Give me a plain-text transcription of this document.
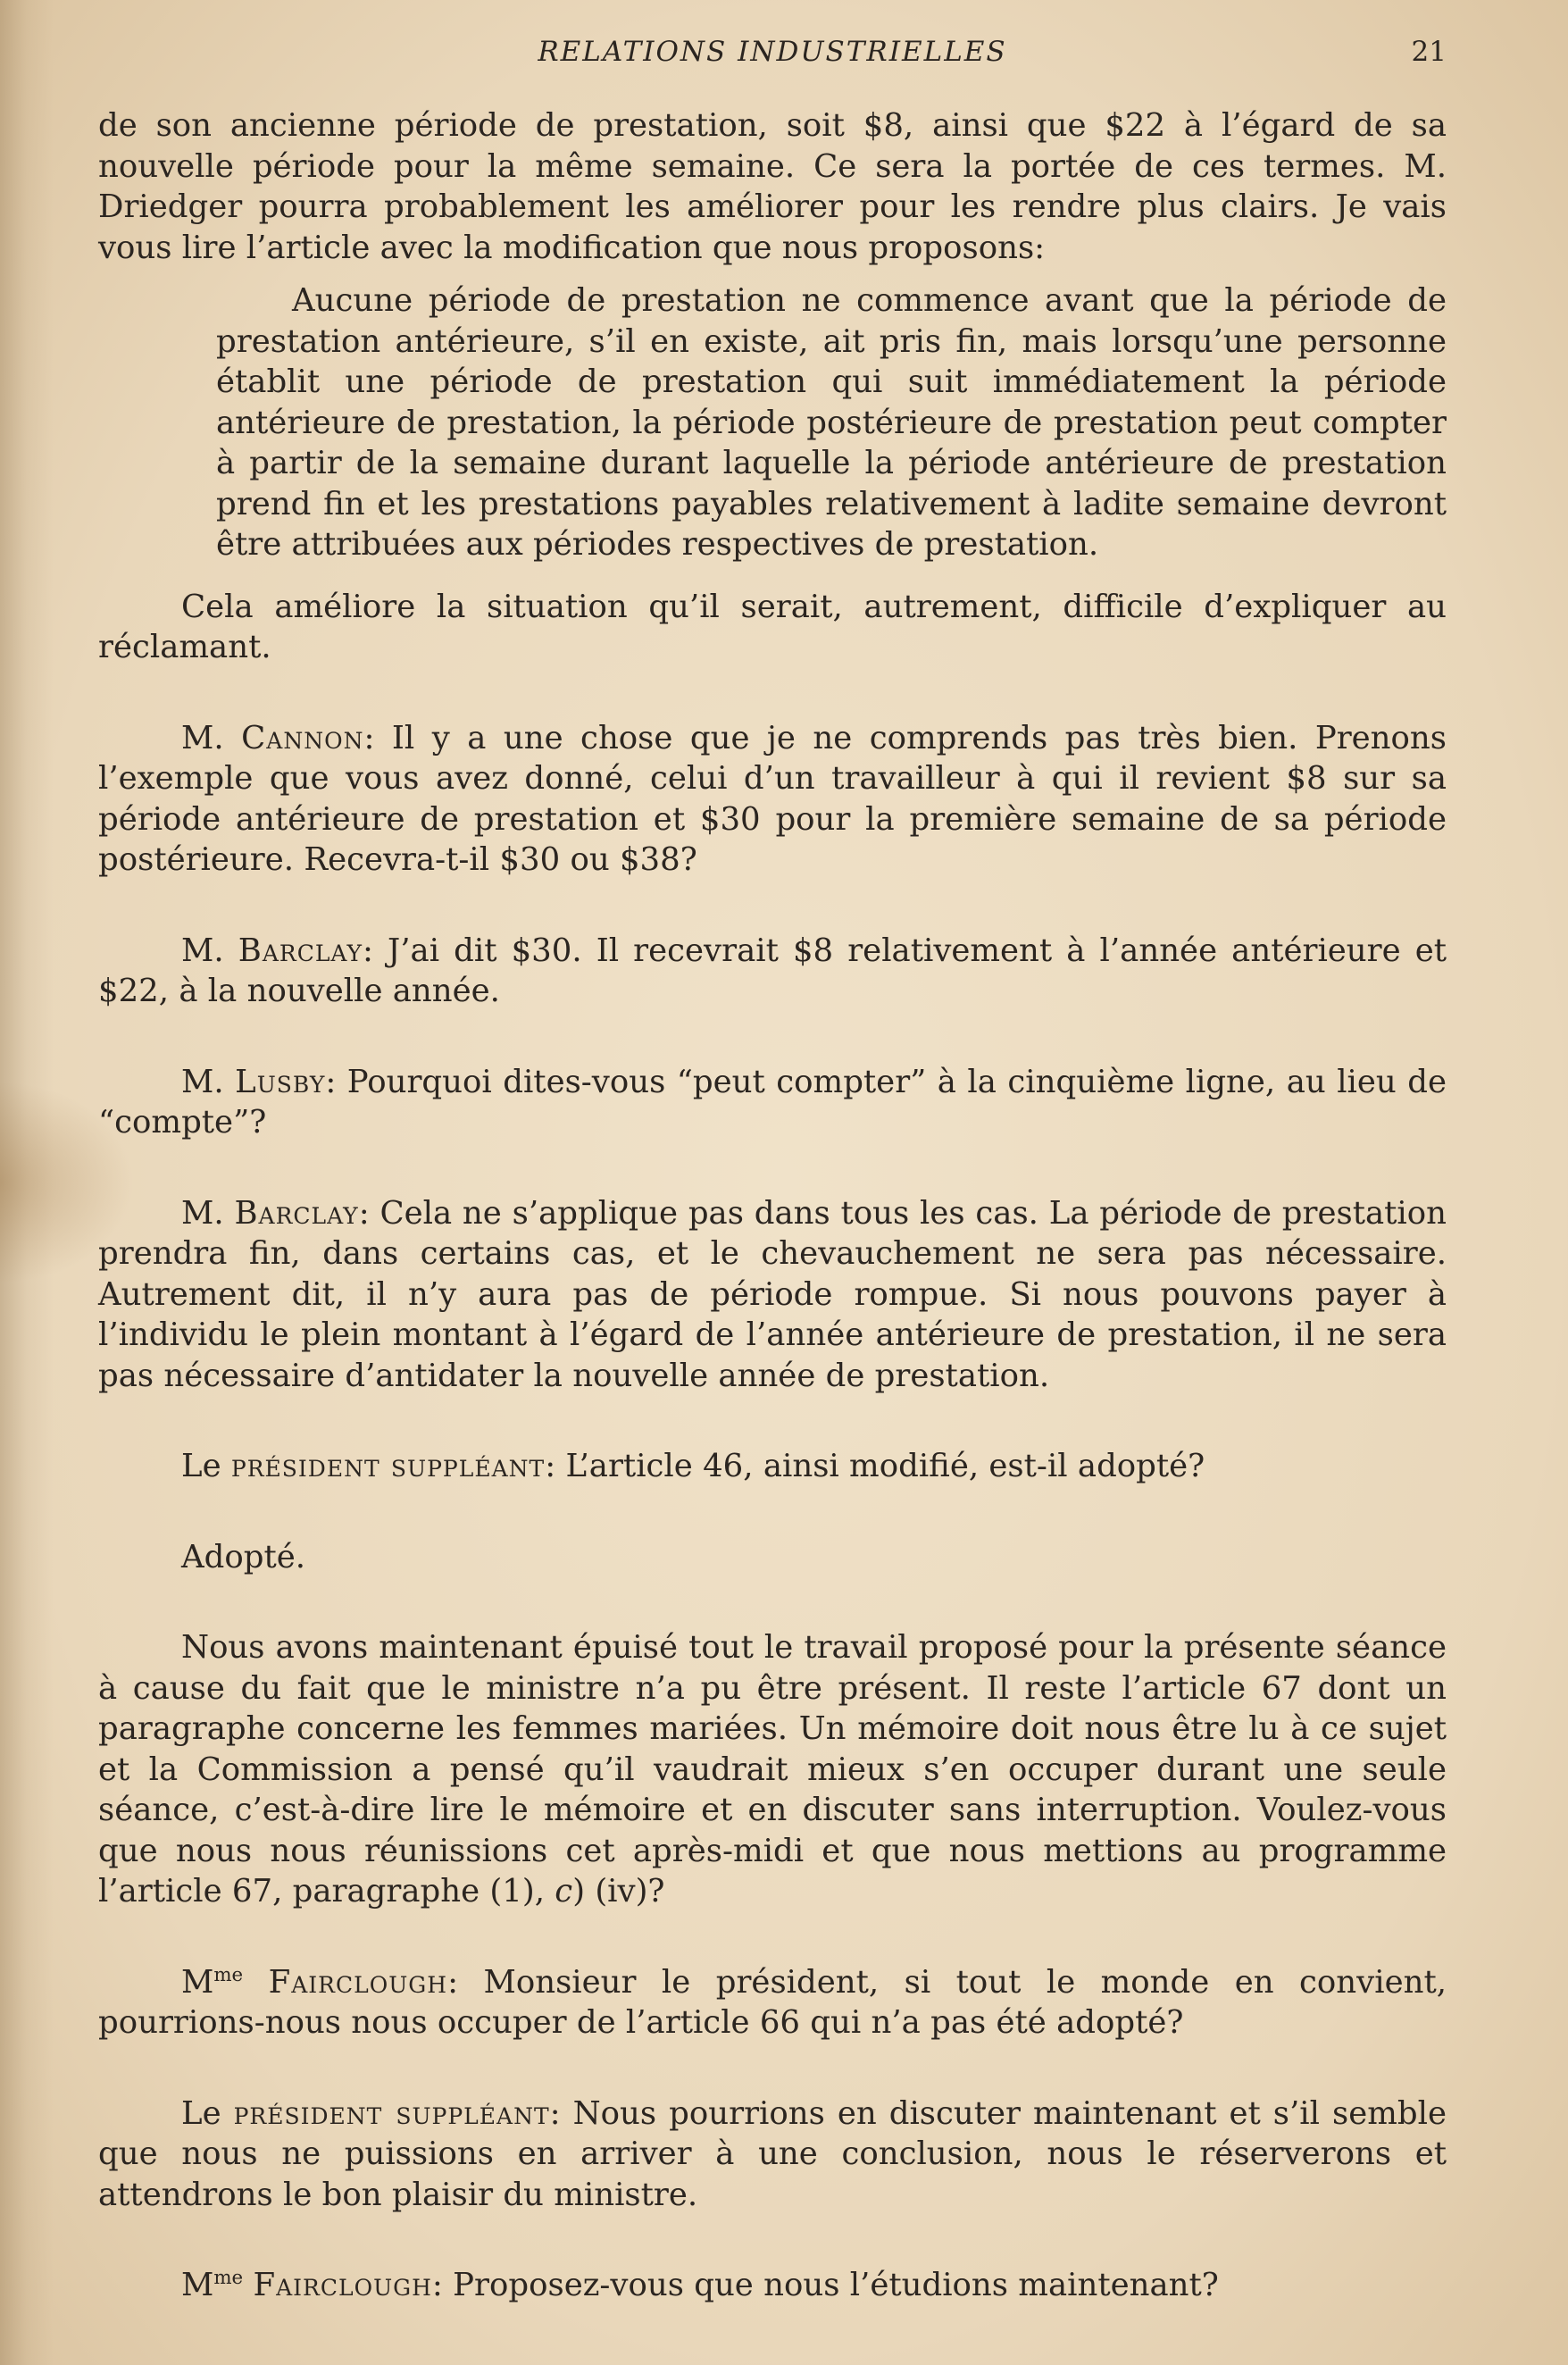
RELATIONS INDUSTRIELLES	21

de son ancienne période de prestation, soit $8, ainsi que $22 à l’égard de sa nouvelle période pour la même semaine. Ce sera la portée de ces termes. M. Driedger pourra probablement les améliorer pour les rendre plus clairs. Je vais vous lire l’article avec la modification que nous proposons:

Aucune période de prestation ne commence avant que la période de prestation antérieure, s’il en existe, ait pris fin, mais lorsqu’une personne établit une période de prestation qui suit immédiatement la période antérieure de prestation, la période postérieure de prestation peut compter à partir de la semaine durant laquelle la période antérieure de prestation prend fin et les prestations payables relativement à ladite semaine devront être attribuées aux périodes respectives de prestation.

Cela améliore la situation qu’il serait, autrement, difficile d’expliquer au réclamant.

M. Cannon: Il y a une chose que je ne comprends pas très bien. Prenons l’exemple que vous avez donné, celui d’un travailleur à qui il revient $8 sur sa période antérieure de prestation et $30 pour la première semaine de sa période postérieure. Recevra-t-il $30 ou $38?

M. Barclay: J’ai dit $30. Il recevrait $8 relativement à l’année antérieure et $22, à la nouvelle année.

M. Lusby: Pourquoi dites-vous “peut compter” à la cinquième ligne, au lieu de “compte”?

M. Barclay: Cela ne s’applique pas dans tous les cas. La période de prestation prendra fin, dans certains cas, et le chevauchement ne sera pas nécessaire. Autrement dit, il n’y aura pas de période rompue. Si nous pouvons payer à l’individu le plein montant à l’égard de l’année antérieure de prestation, il ne sera pas nécessaire d’antidater la nouvelle année de prestation.

Le président suppléant: L’article 46, ainsi modifié, est-il adopté?

Adopté.

Nous avons maintenant épuisé tout le travail proposé pour la présente séance à cause du fait que le ministre n’a pu être présent. Il reste l’article 67 dont un paragraphe concerne les femmes mariées. Un mémoire doit nous être lu à ce sujet et la Commission a pensé qu’il vaudrait mieux s’en occuper durant une seule séance, c’est-à-dire lire le mémoire et en discuter sans interruption. Voulez-vous que nous nous réunissions cet après-midi et que nous mettions au programme l’article 67, paragraphe (1), c) (iv)?

$M^{me}$ Fairclough: Monsieur le président, si tout le monde en convient, pourrions-nous nous occuper de l’article 66 qui n’a pas été adopté?

Le président suppléant: Nous pourrions en discuter maintenant et s’il semble que nous ne puissions en arriver à une conclusion, nous le réserverons et attendrons le bon plaisir du ministre.

$M^{me}$ Fairclough: Proposez-vous que nous l’étudions maintenant?
